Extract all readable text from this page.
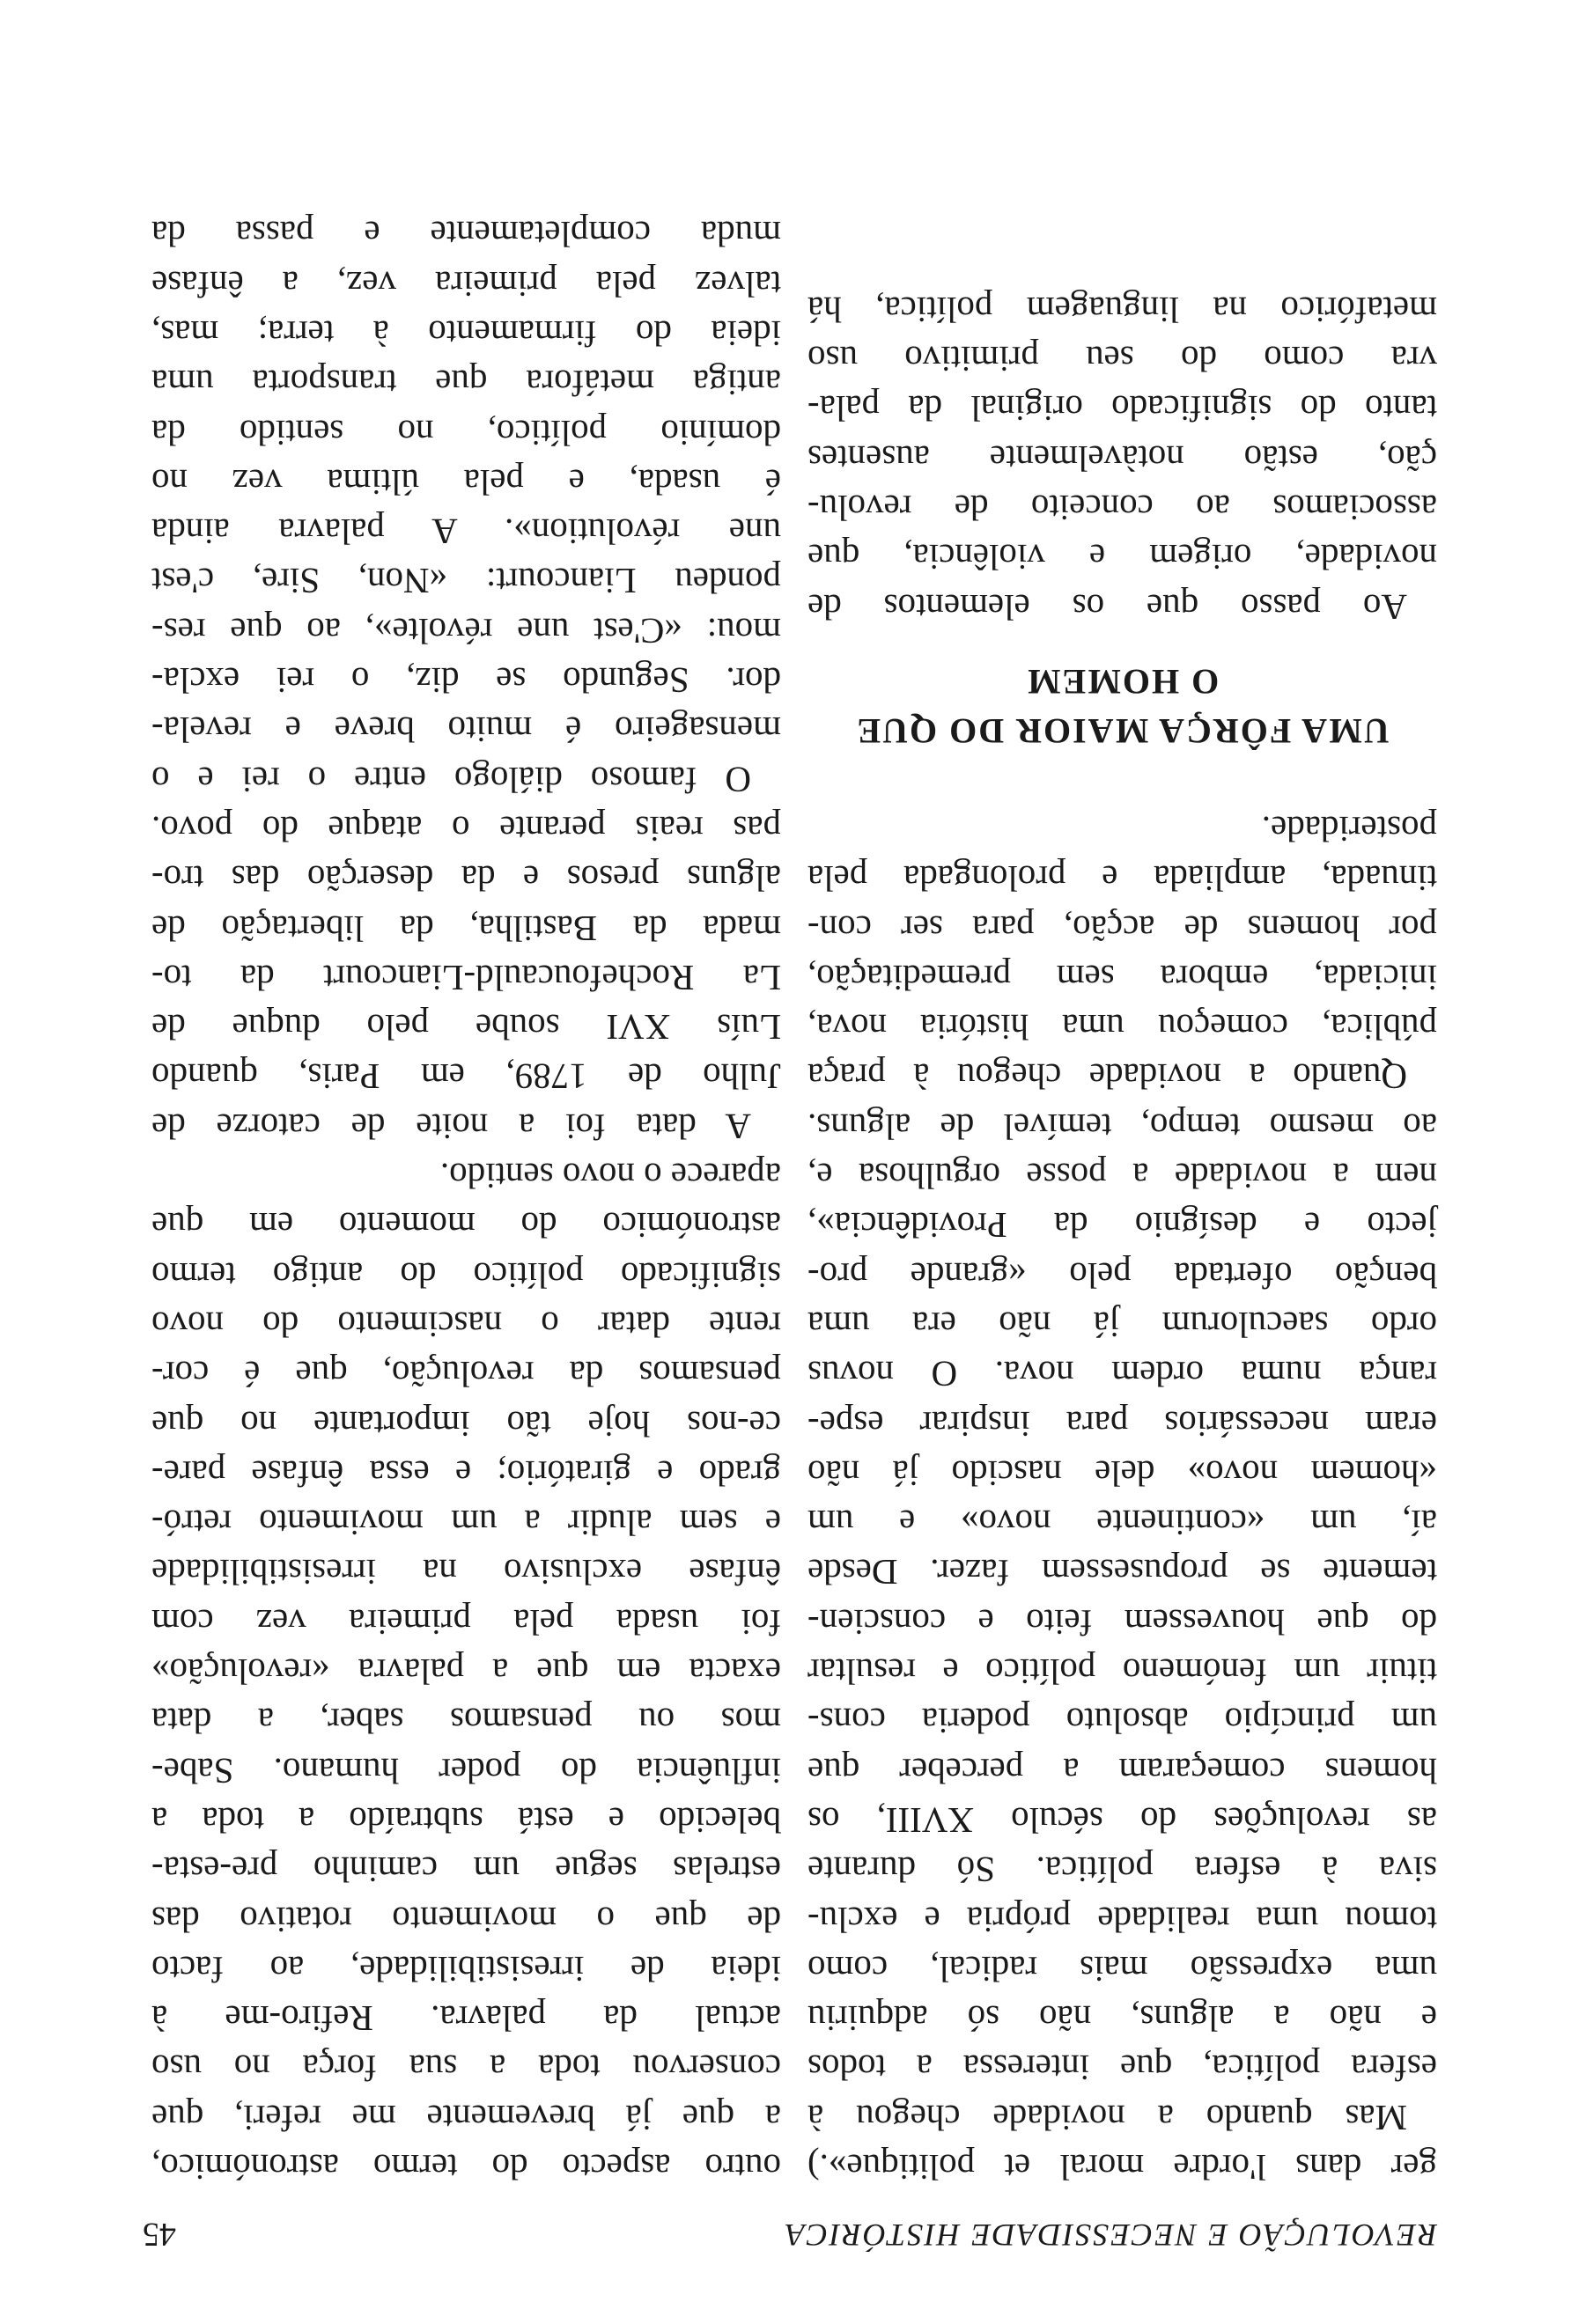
REVOLUÇÃO E NECESSIDADE HISTÓRICA
45
ger dans l'ordre moral et politique».)
Mas quando a novidade chegou à
esfera política, que interessa a todos
e não a alguns, não só adquiriu
uma expressão mais radical, como
tomou uma realidade própria e exclu-
siva à esfera política. Só durante
as revoluções do século XVIII, os
homens começaram a perceber que
um princípio absoluto poderia cons-
tituir um fenómeno político e resultar
do que houvessem feito e conscien-
temente se propusessem fazer. Desde
aí, um «continente novo» e um
«homem novo» dele nascido já não
eram necessários para inspirar espe-
rança numa ordem nova. O novus
ordo saeculorum já não era uma
benção ofertada pelo «grande pro-
jecto e desígnio da Providência»,
nem a novidade a posse orgulhosa e,
ao mesmo tempo, temível de alguns.
Quando a novidade chegou à praça
pública, começou uma história nova,
iniciada, embora sem premeditação,
por homens de acção, para ser con-
tinuada, ampliada e prolongada pela
posteridade.
UMA FÔRÇA MAIOR DO QUE
O HOMEM
Ao passo que os elementos de
novidade, origem e violência, que
associamos ao conceito de revolu-
ção, estão notàvelmente ausentes
tanto do significado original da pala-
vra como do seu primitivo uso
metafórico na linguagem política, há
outro aspecto do termo astronómico,
a que já brevemente me referi, que
conservou toda a sua força no uso
actual da palavra. Refiro-me à
ideia de irresistibilidade, ao facto
de que o movimento rotativo das
estrelas segue um caminho pre-esta-
belecido e está subtraído a toda a
influência do poder humano. Sabe-
mos ou pensamos saber, a data
exacta em que a palavra «revolução»
foi usada pela primeira vez com
ênfase exclusivo na irresistibilidade
e sem aludir a um movimento retró-
grado e giratório; e essa ênfase pare-
ce-nos hoje tão importante no que
pensamos da revolução, que é cor-
rente datar o nascimento do novo
significado político do antigo termo
astronómico do momento em que
aparece o novo sentido.
A data foi a noite de catorze de
Julho de 1789, em Paris, quando
Luís XVI soube pelo duque de
La Rochefoucauld-Liancourt da to-
mada da Bastilha, da libertação de
alguns presos e da deserção das tro-
pas reais perante o ataque do povo.
O famoso diálogo entre o rei e o
mensageiro é muito breve e revela-
dor. Segundo se diz, o rei excla-
mou: «C'est une révolte», ao que res-
pondeu Liancourt: «Non, Sire, c'est
une révolution». A palavra ainda
é usada, e pela última vez no
domínio político, no sentido da
antiga metáfora que transporta uma
ideia do firmamento à terra; mas,
talvez pela primeira vez, a ênfase
muda completamente e passa da
